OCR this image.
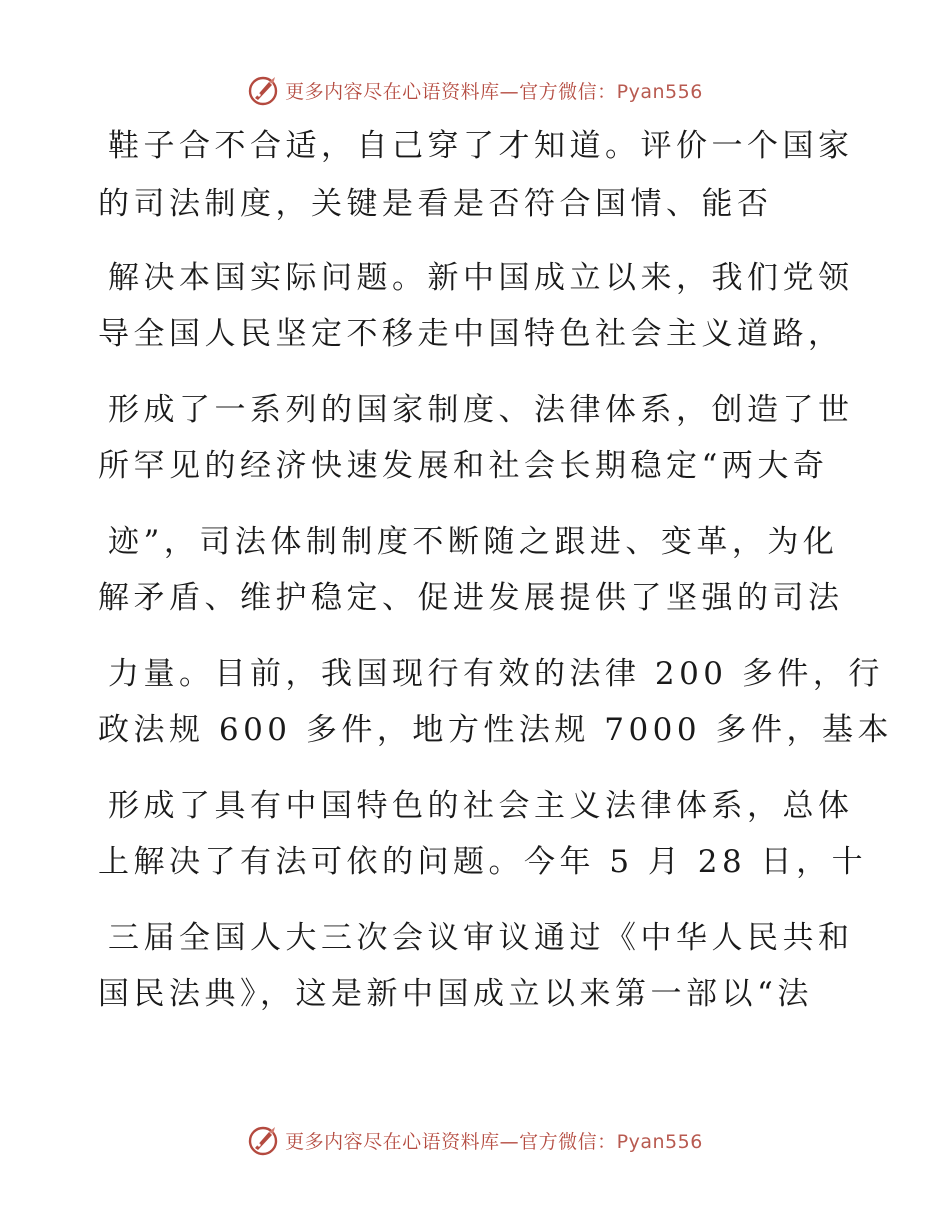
更多内容尽在心语资料库—官方微信：Pyan556
鞋子合不合适，自己穿了才知道。评价一个国家
的司法制度，关键是看是否符合国情、能否
解决本国实际问题。新中国成立以来，我们党领
导全国人民坚定不移走中国特色社会主义道路，
形成了一系列的国家制度、法律体系，创造了世
所罕见的经济快速发展和社会长期稳定“两大奇
迹”，司法体制制度不断随之跟进、变革，为化
解矛盾、维护稳定、促进发展提供了坚强的司法
力量。目前，我国现行有效的法律 200 多件，行
政法规 600 多件，地方性法规 7000 多件，基本
形成了具有中国特色的社会主义法律体系，总体
上解决了有法可依的问题。今年 5 月 28 日，十
三届全国人大三次会议审议通过《中华人民共和
国民法典》，这是新中国成立以来第一部以“法
更多内容尽在心语资料库—官方微信：Pyan556
